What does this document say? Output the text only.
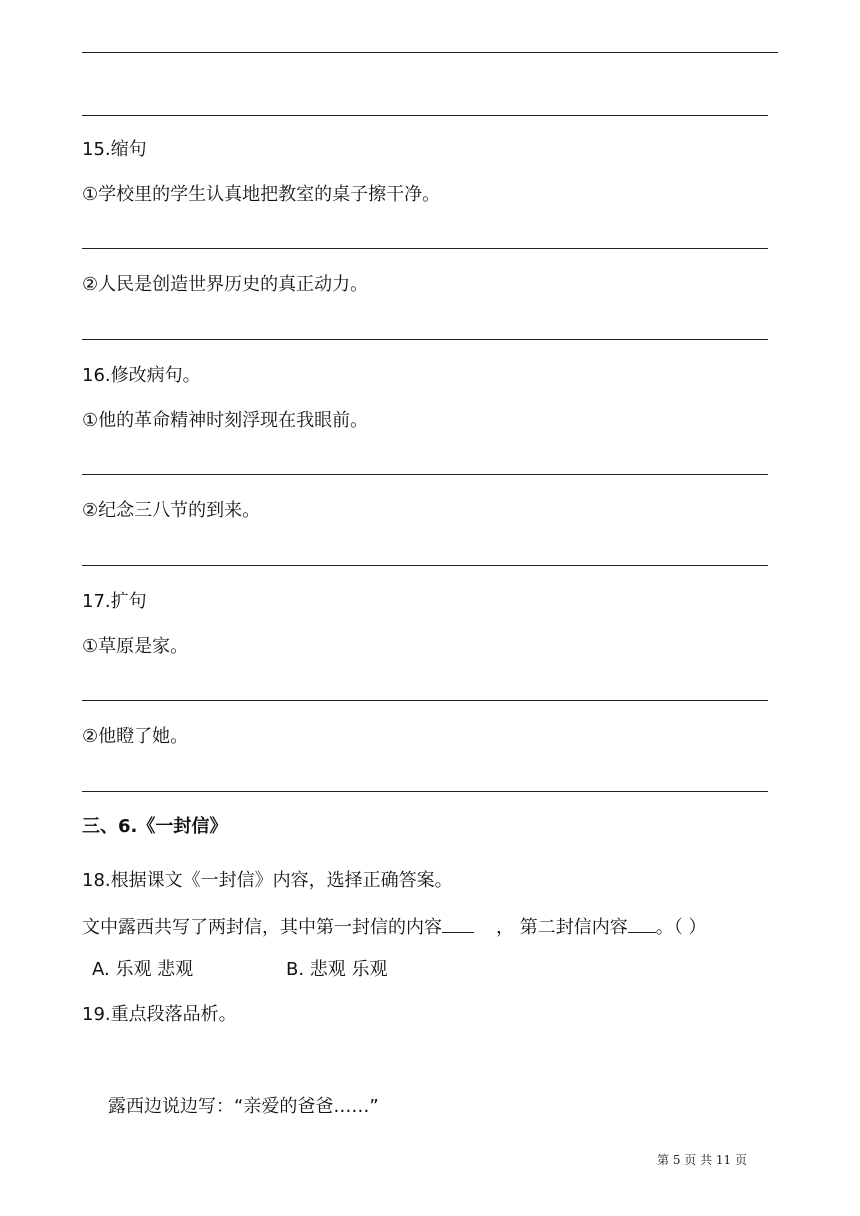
15.缩句
①学校里的学生认真地把教室的桌子擦干净。
②人民是创造世界历史的真正动力。
16.修改病句。
①他的革命精神时刻浮现在我眼前。
②纪念三八节的到来。
17.扩句
①草原是家。
②他瞪了她。
三、6.《一封信》
18.根据课文《一封信》内容，选择正确答案。
文中露西共写了两封信，其中第一封信的内容	， 第二封信内容 。（ ）
A. 乐观 悲观	B. 悲观 乐观
19.重点段落品析。
露西边说边写：“亲爱的爸爸……”
第 5 页 共 11 页
